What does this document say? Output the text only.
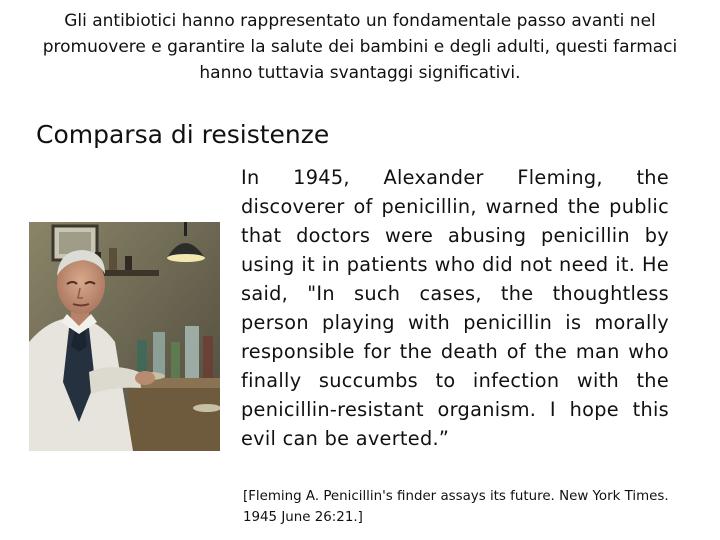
Gli antibiotici hanno rappresentato un fondamentale passo avanti nel promuovere e garantire la salute dei bambini e degli adulti, questi farmaci hanno tuttavia svantaggi significativi.
Comparsa di resistenze
In 1945, Alexander Fleming, the discoverer of penicillin, warned the public that doctors were abusing penicillin by using it in patients who did not need it. He said, "In such cases, the thoughtless person playing with penicillin is morally responsible for the death of the man who finally succumbs to infection with the penicillin-resistant organism. I hope this evil can be averted.”
[Fleming A. Penicillin's finder assays its future. New York Times. 1945 June 26:21.]
